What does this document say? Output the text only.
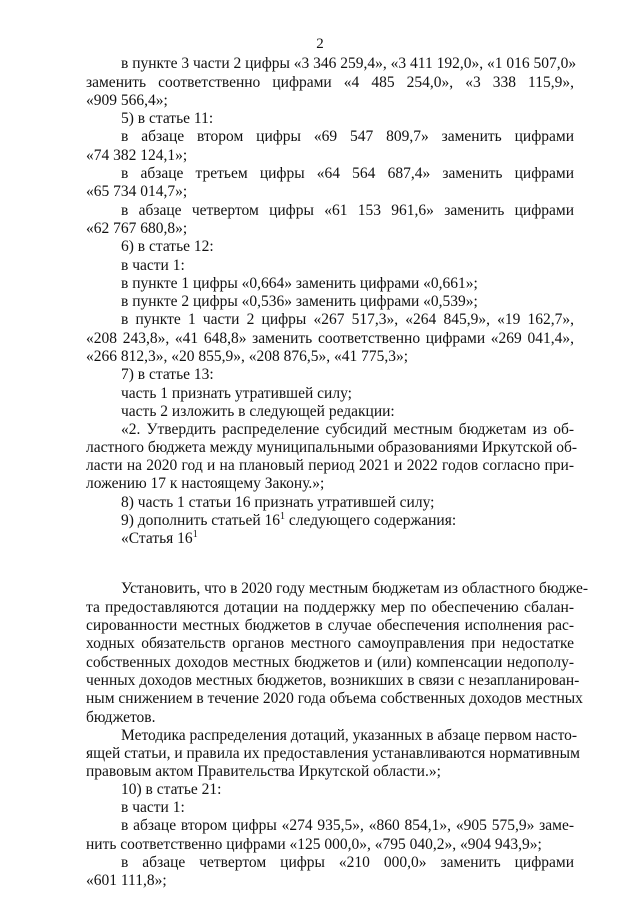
2
в пункте 3 части 2 цифры «3 346 259,4», «3 411 192,0», «1 016 507,0»
заменить соответственно цифрами «4 485 254,0», «3 338 115,9»,
«909 566,4»;
5) в статье 11:
в абзаце втором цифры «69 547 809,7» заменить цифрами
«74 382 124,1»;
в абзаце третьем цифры «64 564 687,4» заменить цифрами
«65 734 014,7»;
в абзаце четвертом цифры «61 153 961,6» заменить цифрами
«62 767 680,8»;
6) в статье 12:
в части 1:
в пункте 1 цифры «0,664» заменить цифрами «0,661»;
в пункте 2 цифры «0,536» заменить цифрами «0,539»;
в пункте 1 части 2 цифры «267 517,3», «264 845,9», «19 162,7»,
«208 243,8», «41 648,8» заменить соответственно цифрами «269 041,4»,
«266 812,3», «20 855,9», «208 876,5», «41 775,3»;
7) в статье 13:
часть 1 признать утратившей силу;
часть 2 изложить в следующей редакции:
«2. Утвердить распределение субсидий местным бюджетам из об-
ластного бюджета между муниципальными образованиями Иркутской об-
ласти на 2020 год и на плановый период 2021 и 2022 годов согласно при-
ложению 17 к настоящему Закону.»;
8) часть 1 статьи 16 признать утратившей силу;
9) дополнить статьей $16^1$ следующего содержания:
«Статья $16^1$
Установить, что в 2020 году местным бюджетам из областного бюдже-
та предоставляются дотации на поддержку мер по обеспечению сбалан-
сированности местных бюджетов в случае обеспечения исполнения рас-
ходных обязательств органов местного самоуправления при недостатке
собственных доходов местных бюджетов и (или) компенсации недополу-
ченных доходов местных бюджетов, возникших в связи с незапланирован-
ным снижением в течение 2020 года объема собственных доходов местных
бюджетов.
Методика распределения дотаций, указанных в абзаце первом насто-
ящей статьи, и правила их предоставления устанавливаются нормативным
правовым актом Правительства Иркутской области.»;
10) в статье 21:
в части 1:
в абзаце втором цифры «274 935,5», «860 854,1», «905 575,9» заме-
нить соответственно цифрами «125 000,0», «795 040,2», «904 943,9»;
в абзаце четвертом цифры «210 000,0» заменить цифрами
«601 111,8»;
